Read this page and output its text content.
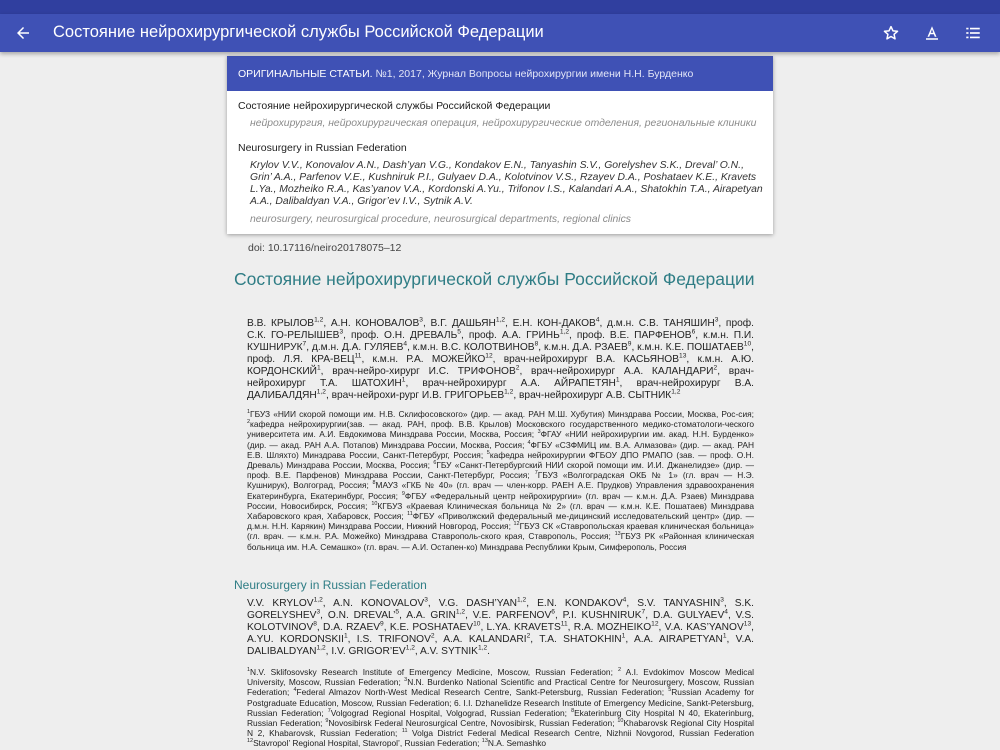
Состояние нейрохирургической службы Российской Федерации
ОРИГИНАЛЬНЫЕ СТАТЬИ. №1, 2017, Журнал Вопросы нейрохирургии имени Н.Н. Бурденко
Состояние нейрохирургической службы Российской Федерации
нейрохирургия, нейрохирургическая операция, нейрохирургические отделения, региональные клиники
Neurosurgery in Russian Federation
Krylov V.V., Konovalov A.N., Dash’yan V.G., Kondakov E.N., Tanyashin S.V., Gorelyshev S.K., Dreval’ O.N., Grin’ A.A., Parfenov V.E., Kushniruk P.I., Gulyaev D.A., Kolotvinov V.S., Rzayev D.A., Poshataev K.E., Kravets L.Ya., Mozheiko R.A., Kas’yanov V.A., Kordonski A.Yu., Trifonov I.S., Kalandari A.A., Shatokhin T.A., Airapetyan A.A., Dalibaldyan V.A., Grigor’ev I.V., Sytnik A.V.
neurosurgery, neurosurgical procedure, neurosurgical departments, regional clinics
doi: 10.17116/neiro20178075–12
Состояние нейрохирургической службы Российской Федерации
В.В. КРЫЛОВ$^{1,2}$, А.Н. КОНОВАЛОВ$^3$, В.Г. ДАШЬЯН$^{1,2}$, Е.Н. КОН-ДАКОВ$^4$, д.м.н. С.В. ТАНЯШИН$^3$, проф. С.К. ГО-РЕЛЫШЕВ$^3$, проф. О.Н. ДРЕВАЛЬ$^5$, проф. А.А. ГРИНЬ$^{1,2}$, проф. В.Е. ПАРФЕНОВ$^6$, к.м.н. П.И. КУШНИРУК$^7$, д.м.н. Д.А. ГУЛЯЕВ$^4$, к.м.н. В.С. КОЛОТВИНОВ$^8$, к.м.н. Д.А. РЗАЕВ$^9$, к.м.н. К.Е. ПОШАТАЕВ$^{10}$, проф. Л.Я. КРА-ВЕЦ$^{11}$, к.м.н. Р.А. МОЖЕЙКО$^{12}$, врач-нейрохирург В.А. КАСЬЯНОВ$^{13}$, к.м.н. А.Ю. КОРДОНСКИЙ$^1$, врач-нейро-хирург И.С. ТРИФОНОВ$^2$, врач-нейрохирург А.А. КАЛАНДАРИ$^2$, врач-нейрохирург Т.А. ШАТОХИН$^1$, врач-нейрохирург А.А. АЙРАПЕТЯН$^1$, врач-нейрохирург В.А. ДАЛИБАЛДЯН$^{1,2}$, врач-нейрохи-рург И.В. ГРИГОРЬЕВ$^{1,2}$, врач-нейрохирург А.В. СЫТНИК$^{1,2}$
$^1$ГБУЗ «НИИ скорой помощи им. Н.В. Склифосовского» (дир. — акад. РАН М.Ш. Хубутия) Минздрава России, Москва, Рос-сия; $^2$кафедра нейрохирургии(зав. — акад. РАН, проф. В.В. Крылов) Московского государственного медико-стоматологи-ческого университета им. А.И. Евдокимова Минздрава России, Москва, Россия; $^3$ФГАУ «НИИ нейрохирургии им. акад. Н.Н. Бурденко» (дир. — акад. РАН А.А. Потапов) Минздрава России, Москва, Россия; $^4$ФГБУ «СЗФМИЦ им. В.А. Алмазова» (дир. — акад. РАН Е.В. Шляхто) Минздрава России, Санкт-Петербург, Россия; $^5$кафедра нейрохирургии ФГБОУ ДПО РМАПО (зав. — проф. О.Н. Древаль) Минздрава России, Москва, Россия; $^6$ГБУ «Санкт-Петербургский НИИ скорой помощи им. И.И. Джанелидзе» (дир. — проф. В.Е. Парфенов) Минздрава России, Санкт-Петербург, Россия; $^7$ГБУЗ «Волгоградская ОКБ № 1» (гл. врач — Н.Э. Кушнирук), Волгоград, Россия; $^8$МАУЗ «ГКБ № 40» (гл. врач — член-корр. РАЕН А.Е. Прудков) Управления здравоохранения Екатеринбурга, Екатеринбург, Россия; $^9$ФГБУ «Федеральный центр нейрохирургии» (гл. врач — к.м.н. Д.А. Рзаев) Минздрава России, Новосибирск, Россия; $^{10}$КГБУЗ «Краевая Клиническая больница № 2» (гл. врач — к.м.н. К.Е. Пошатаев) Минздрава Хабаровского края, Хабаровск, Россия; $^{11}$ФГБУ «Приволжский федеральный ме-дицинский исследовательский центр» (дир. — д.м.н. Н.Н. Карякин) Минздрава России, Нижний Новгород, Россия; $^{12}$ГБУЗ СК «Ставропольская краевая клиническая больница» (гл. врач. — к.м.н. Р.А. Можейко) Минздрава Ставрополь-ского края, Ставрополь, Россия; $^{13}$ГБУЗ РК «Районная клиническая больница им. Н.А. Семашко» (гл. врач. — А.И. Остапен-ко) Минздрава Республики Крым, Симферополь, Россия
Neurosurgery in Russian Federation
V.V. KRYLOV$^{1,2}$, A.N. KONOVALOV$^3$, V.G. DASH’YAN$^{1,2}$, E.N. KONDAKOV$^4$, S.V. TANYASHIN$^3$, S.K. GORELYSHEV$^3$, O.N. DREVAL’$^5$, A.A. GRIN$^{1,2}$, V.E. PARFENOV$^6$, P.I. KUSHNIRUK$^7$, D.A. GULYAEV$^4$, V.S. KOLOTVINOV$^8$, D.A. RZAEV$^9$, K.E. POSHATAEV$^{10}$, L.YA. KRAVETS$^{11}$, R.A. MOZHEIKO$^{12}$, V.A. KAS’YANOV$^{13}$, A.YU. KORDONSKII$^1$, I.S. TRIFONOV$^2$, A.A. KALANDARI$^2$, T.A. SHATOKHIN$^1$, A.A. AIRAPETYAN$^1$, V.A. DALIBALDYAN$^{1,2}$, I.V. GRIGOR’EV$^{1,2}$, A.V. SYTNIK$^{1,2}$.
$^1$N.V. Sklifosovsky Research Institute of Emergency Medicine, Moscow, Russian Federation; $^2$ A.I. Evdokimov Moscow Medical University, Moscow, Russian Federation; $^3$N.N. Burdenko National Scientific and Practical Centre for Neurosurgery, Moscow, Russian Federation; $^4$Federal Almazov North-West Medical Research Centre, Sankt-Petersburg, Russian Federation; $^5$Russian Academy for Postgraduate Education, Moscow, Russian Federation; 6. I.I. Dzhanelidze Research Institute of Emergency Medicine, Sankt-Petersburg, Russian Federation; $^7$Volgograd Regional Hospital, Volgograd, Russian Federation; $^8$Ekaterinburg City Hospital N 40, Ekaterinburg, Russian Federation; $^9$Novosibirsk Federal Neurosurgical Centre, Novosibirsk, Russian Federation; $^{10}$Khabarovsk Regional City Hospital N 2, Khabarovsk, Russian Federation; $^{11}$ Volga District Federal Medical Research Centre, Nizhnii Novgorod, Russian Federation $^{12}$Stavropol’ Regional Hospital, Stavropol’, Russian Federation; $^{13}$N.A. Semashko
